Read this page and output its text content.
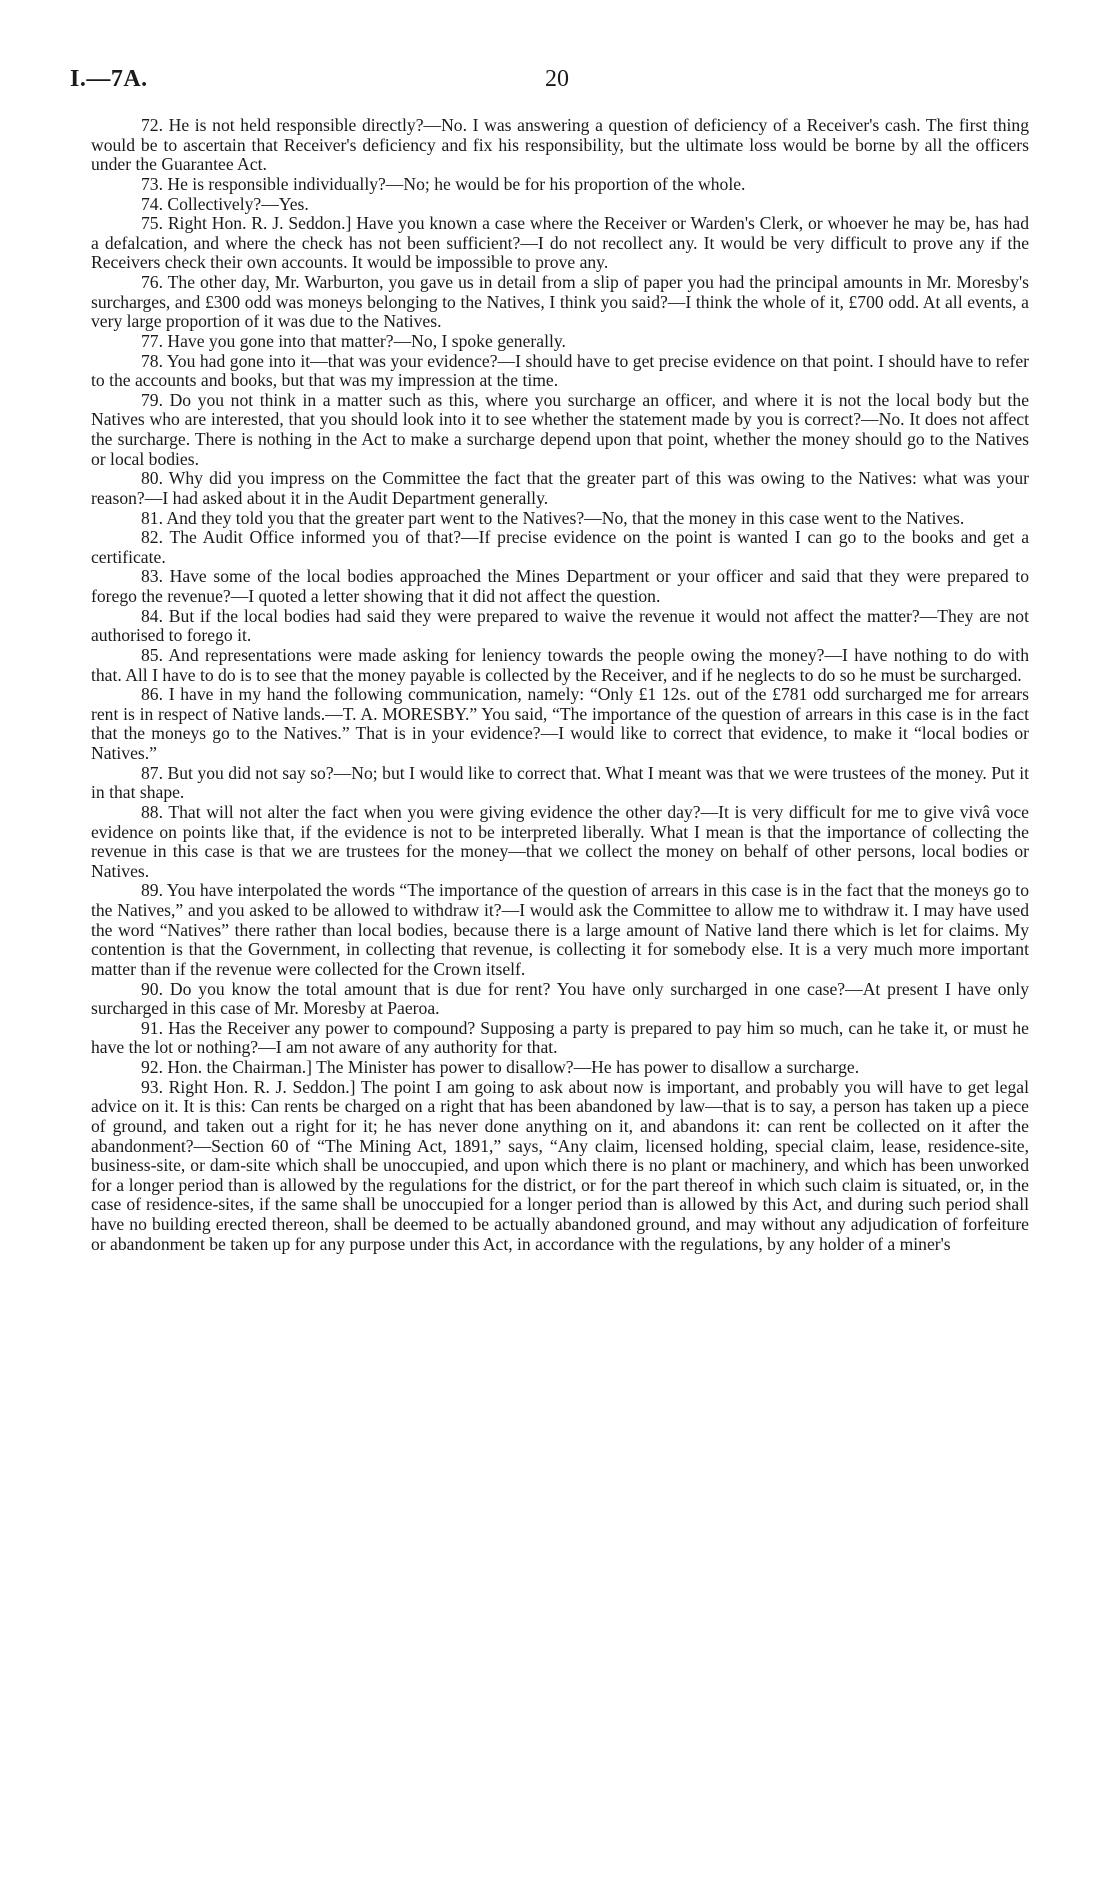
I.—7A.	20

72. He is not held responsible directly?—No. I was answering a question of deficiency of a Receiver's cash. The first thing would be to ascertain that Receiver's deficiency and fix his responsibility, but the ultimate loss would be borne by all the officers under the Guarantee Act.

73. He is responsible individually?—No; he would be for his proportion of the whole.

74. Collectively?—Yes.

75. Right Hon. R. J. Seddon.] Have you known a case where the Receiver or Warden's Clerk, or whoever he may be, has had a defalcation, and where the check has not been sufficient?—I do not recollect any. It would be very difficult to prove any if the Receivers check their own accounts. It would be impossible to prove any.

76. The other day, Mr. Warburton, you gave us in detail from a slip of paper you had the principal amounts in Mr. Moresby's surcharges, and £300 odd was moneys belonging to the Natives, I think you said?—I think the whole of it, £700 odd. At all events, a very large proportion of it was due to the Natives.

77. Have you gone into that matter?—No, I spoke generally.

78. You had gone into it—that was your evidence?—I should have to get precise evidence on that point. I should have to refer to the accounts and books, but that was my impression at the time.

79. Do you not think in a matter such as this, where you surcharge an officer, and where it is not the local body but the Natives who are interested, that you should look into it to see whether the statement made by you is correct?—No. It does not affect the surcharge. There is nothing in the Act to make a surcharge depend upon that point, whether the money should go to the Natives or local bodies.

80. Why did you impress on the Committee the fact that the greater part of this was owing to the Natives: what was your reason?—I had asked about it in the Audit Department generally.

81. And they told you that the greater part went to the Natives?—No, that the money in this case went to the Natives.

82. The Audit Office informed you of that?—If precise evidence on the point is wanted I can go to the books and get a certificate.

83. Have some of the local bodies approached the Mines Department or your officer and said that they were prepared to forego the revenue?—I quoted a letter showing that it did not affect the question.

84. But if the local bodies had said they were prepared to waive the revenue it would not affect the matter?—They are not authorised to forego it.

85. And representations were made asking for leniency towards the people owing the money?—I have nothing to do with that. All I have to do is to see that the money payable is collected by the Receiver, and if he neglects to do so he must be surcharged.

86. I have in my hand the following communication, namely: “Only £1 12s. out of the £781 odd surcharged me for arrears rent is in respect of Native lands.—T. A. MORESBY.” You said, “The importance of the question of arrears in this case is in the fact that the moneys go to the Natives.” That is in your evidence?—I would like to correct that evidence, to make it “local bodies or Natives.”

87. But you did not say so?—No; but I would like to correct that. What I meant was that we were trustees of the money. Put it in that shape.

88. That will not alter the fact when you were giving evidence the other day?—It is very difficult for me to give vivâ voce evidence on points like that, if the evidence is not to be interpreted liberally. What I mean is that the importance of collecting the revenue in this case is that we are trustees for the money—that we collect the money on behalf of other persons, local bodies or Natives.

89. You have interpolated the words “The importance of the question of arrears in this case is in the fact that the moneys go to the Natives,” and you asked to be allowed to withdraw it?—I would ask the Committee to allow me to withdraw it. I may have used the word “Natives” there rather than local bodies, because there is a large amount of Native land there which is let for claims. My contention is that the Government, in collecting that revenue, is collecting it for somebody else. It is a very much more important matter than if the revenue were collected for the Crown itself.

90. Do you know the total amount that is due for rent? You have only surcharged in one case?—At present I have only surcharged in this case of Mr. Moresby at Paeroa.

91. Has the Receiver any power to compound? Supposing a party is prepared to pay him so much, can he take it, or must he have the lot or nothing?—I am not aware of any authority for that.

92. Hon. the Chairman.] The Minister has power to disallow?—He has power to disallow a surcharge.

93. Right Hon. R. J. Seddon.] The point I am going to ask about now is important, and probably you will have to get legal advice on it. It is this: Can rents be charged on a right that has been abandoned by law—that is to say, a person has taken up a piece of ground, and taken out a right for it; he has never done anything on it, and abandons it: can rent be collected on it after the abandonment?—Section 60 of “The Mining Act, 1891,” says, “Any claim, licensed holding, special claim, lease, residence-site, business-site, or dam-site which shall be unoccupied, and upon which there is no plant or machinery, and which has been unworked for a longer period than is allowed by the regulations for the district, or for the part thereof in which such claim is situated, or, in the case of residence-sites, if the same shall be unoccupied for a longer period than is allowed by this Act, and during such period shall have no building erected thereon, shall be deemed to be actually abandoned ground, and may without any adjudication of forfeiture or abandonment be taken up for any purpose under this Act, in accordance with the regulations, by any holder of a miner's
